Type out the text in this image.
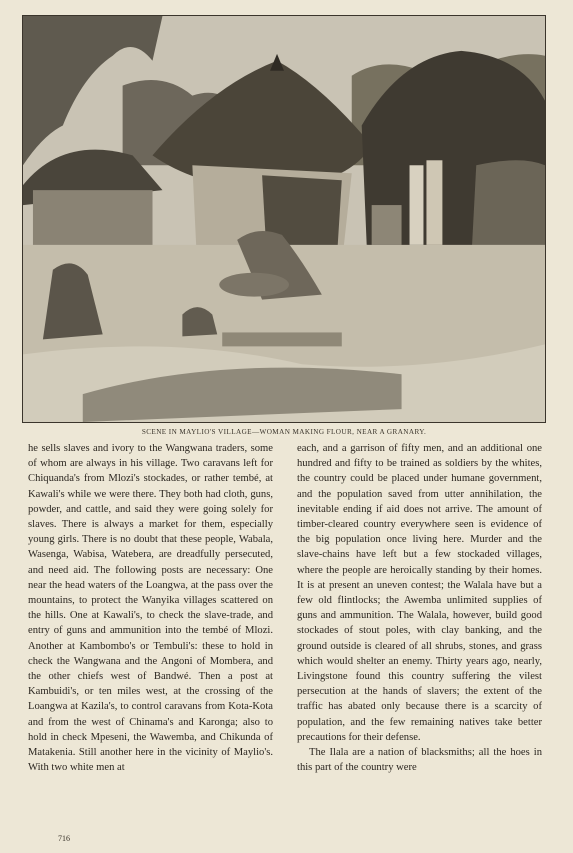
SCENE IN MAYLIO'S VILLAGE—WOMAN MAKING FLOUR, NEAR A GRANARY.

he sells slaves and ivory to the Wangwana traders, some of whom are always in his village. Two caravans left for Chiquanda's from Mlozi's stockades, or rather tembé, at Kawali's while we were there. They both had cloth, guns, powder, and cattle, and said they were going solely for slaves. There is always a market for them, especially young girls. There is no doubt that these people, Wabala, Wasenga, Wabisa, Watebera, are dreadfully persecuted, and need aid. The following posts are necessary: One near the head waters of the Loangwa, at the pass over the mountains, to protect the Wanyika villages scattered on the hills. One at Kawali's, to check the slave-trade, and entry of guns and ammunition into the tembé of Mlozi. Another at Kambombo's or Tembuli's: these to hold in check the Wangwana and the Angoni of Mombera, and the other chiefs west of Bandwé. Then a post at Kambuidi's, or ten miles west, at the crossing of the Loangwa at Kazila's, to control caravans from Kota-Kota and from the west of Chinama's and Karonga; also to hold in check Mpeseni, the Wawemba, and Chikunda of Matakenia. Still another here in the vicinity of Maylio's. With two white men at

each, and a garrison of fifty men, and an additional one hundred and fifty to be trained as soldiers by the whites, the country could be placed under humane government, and the population saved from utter annihilation, the inevitable ending if aid does not arrive. The amount of timber-cleared country everywhere seen is evidence of the big population once living here. Murder and the slave-chains have left but a few stockaded villages, where the people are heroically standing by their homes. It is at present an uneven contest; the Walala have but a few old flintlocks; the Awemba unlimited supplies of guns and ammunition. The Walala, however, build good stockades of stout poles, with clay banking, and the ground outside is cleared of all shrubs, stones, and grass which would shelter an enemy. Thirty years ago, nearly, Livingstone found this country suffering the vilest persecution at the hands of slavers; the extent of the traffic has abated only because there is a scarcity of population, and the few remaining natives take better precautions for their defense.

The Ilala are a nation of blacksmiths; all the hoes in this part of the country were

716
